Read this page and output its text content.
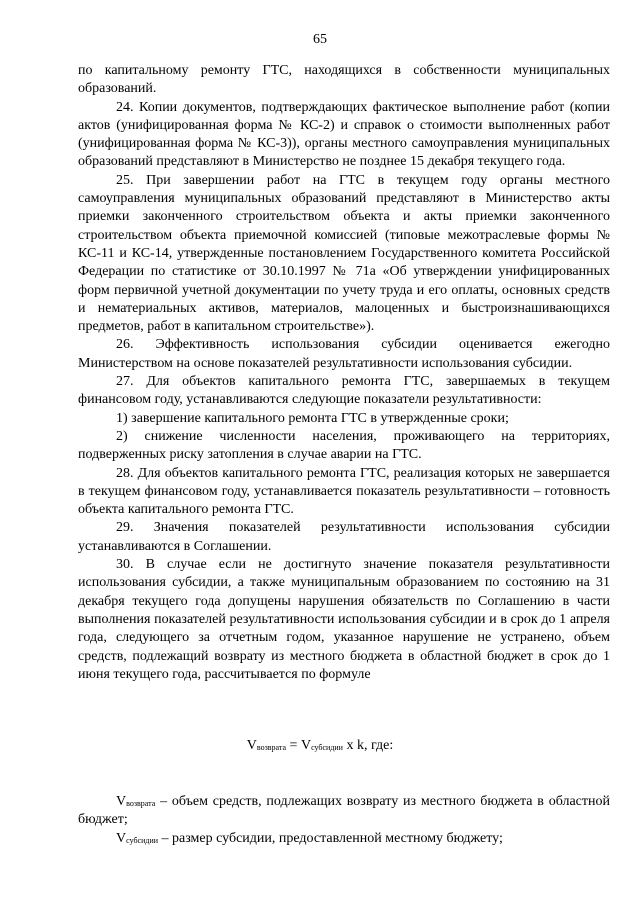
65

по капитальному ремонту ГТС, находящихся в собственности муниципальных образований.

24. Копии документов, подтверждающих фактическое выполнение работ (копии актов (унифицированная форма № КС-2) и справок о стоимости выполненных работ (унифицированная форма № КС-3)), органы местного самоуправления муниципальных образований представляют в Министерство не позднее 15 декабря текущего года.

25. При завершении работ на ГТС в текущем году органы местного самоуправления муниципальных образований представляют в Министерство акты приемки законченного строительством объекта и акты приемки законченного строительством объекта приемочной комиссией (типовые межотраслевые формы № КС-11 и КС-14, утвержденные постановлением Государственного комитета Российской Федерации по статистике от 30.10.1997 № 71а «Об утверждении унифицированных форм первичной учетной документации по учету труда и его оплаты, основных средств и нематериальных активов, материалов, малоценных и быстроизнашивающихся предметов, работ в капитальном строительстве»).

26. Эффективность использования субсидии оценивается ежегодно Министерством на основе показателей результативности использования субсидии.

27. Для объектов капитального ремонта ГТС, завершаемых в текущем финансовом году, устанавливаются следующие показатели результативности:

1) завершение капитального ремонта ГТС в утвержденные сроки;

2) снижение численности населения, проживающего на территориях, подверженных риску затопления в случае аварии на ГТС.

28. Для объектов капитального ремонта ГТС, реализация которых не завершается в текущем финансовом году, устанавливается показатель результативности – готовность объекта капитального ремонта ГТС.

29. Значения показателей результативности использования субсидии устанавливаются в Соглашении.

30. В случае если не достигнуто значение показателя результативности использования субсидии, а также муниципальным образованием по состоянию на 31 декабря текущего года допущены нарушения обязательств по Соглашению в части выполнения показателей результативности использования субсидии и в срок до 1 апреля года, следующего за отчетным годом, указанное нарушение не устранено, объем средств, подлежащий возврату из местного бюджета в областной бюджет в срок до 1 июня текущего года, рассчитывается по формуле

$V_{возврата} = V_{субсидии}$ x k, где:

$V_{возврата}$ – объем средств, подлежащих возврату из местного бюджета в областной бюджет;

$V_{субсидии}$ – размер субсидии, предоставленной местному бюджету;
